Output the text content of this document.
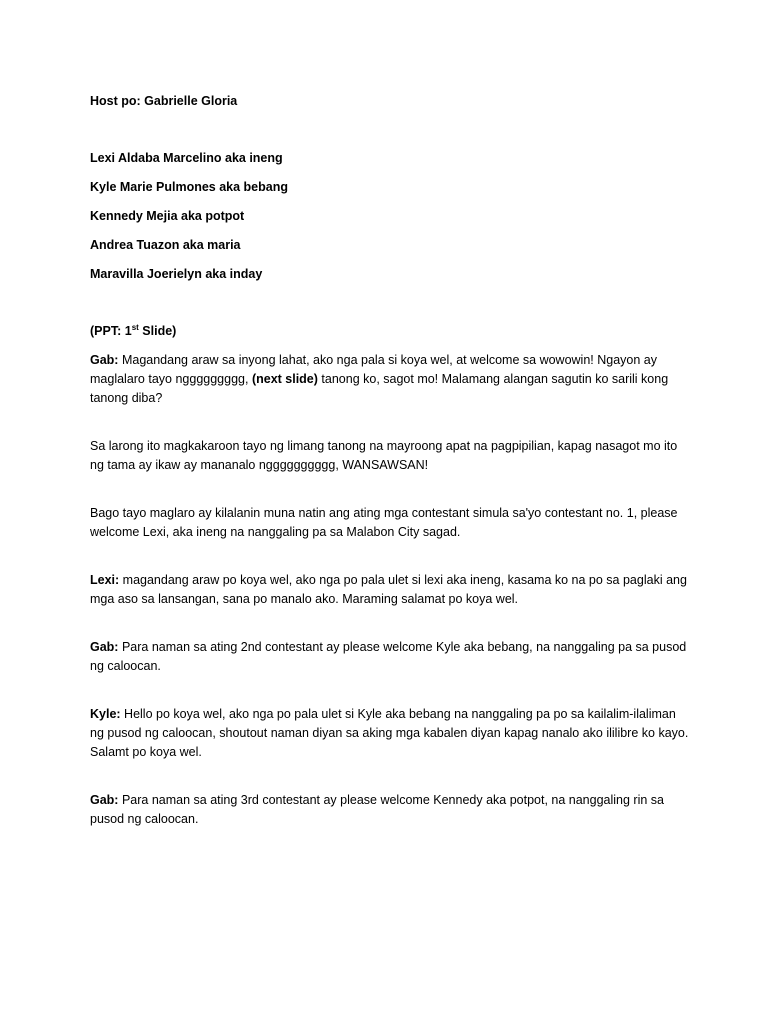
Host po: Gabrielle Gloria

Lexi Aldaba Marcelino aka ineng

Kyle Marie Pulmones aka bebang

Kennedy Mejia aka potpot

Andrea Tuazon aka maria

Maravilla Joerielyn aka inday

(PPT: 1st Slide)

Gab: Magandang araw sa inyong lahat, ako nga pala si koya wel, at welcome sa wowowin! Ngayon ay maglalaro tayo nggggggggg, (next slide) tanong ko, sagot mo! Malamang alangan sagutin ko sarili kong tanong diba?

Sa larong ito magkakaroon tayo ng limang tanong na mayroong apat na pagpipilian, kapag nasagot mo ito ng tama ay ikaw ay mananalo ngggggggggg, WANSAWSAN!

Bago tayo maglaro ay kilalanin muna natin ang ating mga contestant simula sa'yo contestant no. 1, please welcome Lexi, aka ineng na nanggaling pa sa Malabon City sagad.

Lexi: magandang araw po koya wel, ako nga po pala ulet si lexi aka ineng, kasama ko na po sa paglaki ang mga aso sa lansangan, sana po manalo ako. Maraming salamat po koya wel.

Gab: Para naman sa ating 2nd contestant ay please welcome Kyle aka bebang, na nanggaling pa sa pusod ng caloocan.

Kyle: Hello po koya wel, ako nga po pala ulet si Kyle aka bebang na nanggaling pa po sa kailalim-ilaliman ng pusod ng caloocan, shoutout naman diyan sa aking mga kabalen diyan kapag nanalo ako ililibre ko kayo. Salamt po koya wel.

Gab: Para naman sa ating 3rd contestant ay please welcome Kennedy aka potpot, na nanggaling rin sa pusod ng caloocan.
